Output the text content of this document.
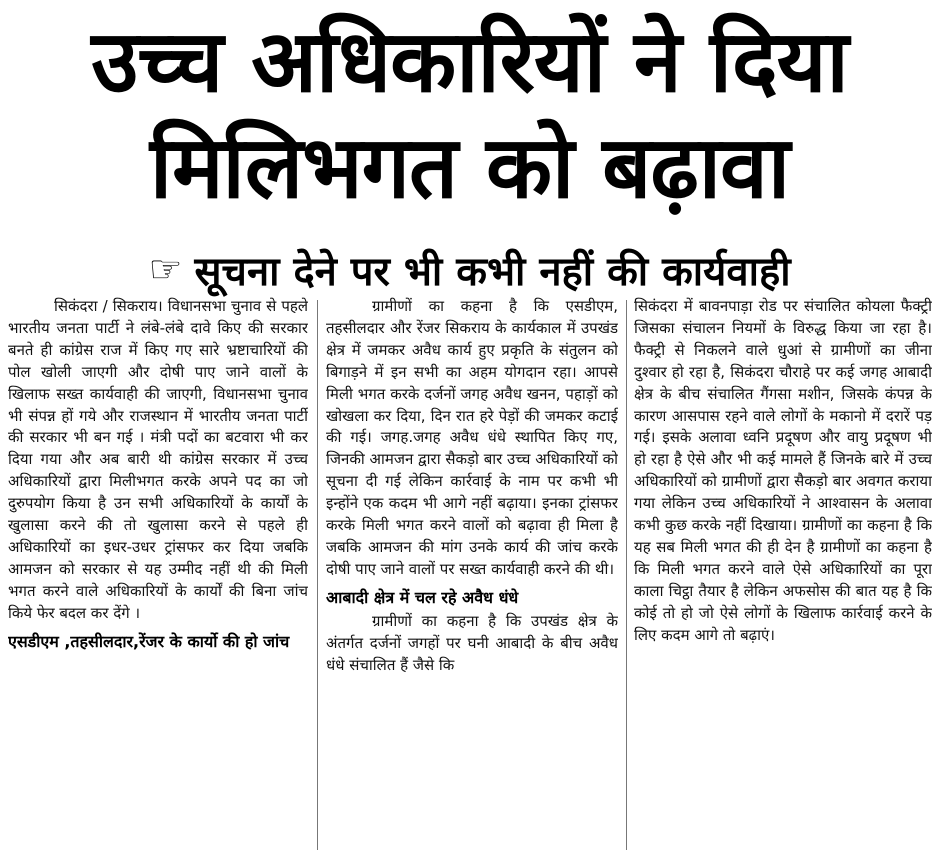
उच्च अधिकारियों ने दिया
मिलिभगत को बढ़ावा
☞ सूचना देने पर भी कभी नहीं की कार्यवाही

सिकंदरा / सिकराय। विधानसभा चुनाव से पहले भारतीय जनता पार्टी ने लंबे-लंबे दावे किए की सरकार बनते ही कांग्रेस राज में किए गए सारे भ्रष्टाचारियों की पोल खोली जाएगी और दोषी पाए जाने वालों के खिलाफ सख्त कार्यवाही की जाएगी, विधानसभा चुनाव भी संपन्न हों गये और राजस्थान में भारतीय जनता पार्टी की सरकार भी बन गई । मंत्री पदों का बटवारा भी कर दिया गया और अब बारी थी कांग्रेस सरकार में उच्च अधिकारियों द्वारा मिलीभगत करके अपने पद का जो दुरुपयोग किया है उन सभी अधिकारियों के कार्यों के खुलासा करने की तो खुलासा करने से पहले ही अधिकारियों का इधर-उधर ट्रांसफर कर दिया जबकि आमजन को सरकार से यह उम्मीद नहीं थी की मिली भगत करने वाले अधिकारियों के कार्यों की बिना जांच किये फेर बदल कर देंगे ।

एसडीएम ,तहसीलदार,रेंजर के कार्यो की हो जांच

ग्रामीणों का कहना है कि एसडीएम, तहसीलदार और रेंजर सिकराय के कार्यकाल में उपखंड क्षेत्र में जमकर अवैध कार्य हुए प्रकृति के संतुलन को बिगाड़ने में इन सभी का अहम योगदान रहा। आपसे मिली भगत करके दर्जनों जगह अवैध खनन, पहाड़ों को खोखला कर दिया, दिन रात हरे पेड़ों की जमकर कटाई की गई। जगह.जगह अवैध धंधे स्थापित किए गए, जिनकी आमजन द्वारा सैकड़ो बार उच्च अधिकारियों को सूचना दी गई लेकिन कार्रवाई के नाम पर कभी भी इन्होंने एक कदम भी आगे नहीं बढ़ाया। इनका ट्रांसफर करके मिली भगत करने वालों को बढ़ावा ही मिला है जबकि आमजन की मांग उनके कार्य की जांच करके दोषी पाए जाने वालों पर सख्त कार्यवाही करने की थी।

आबादी क्षेत्र में चल रहे अवैध धंधे

ग्रामीणों का कहना है कि उपखंड क्षेत्र के अंतर्गत दर्जनों जगहों पर घनी आबादी के बीच अवैध धंधे संचालित हैं जैसे कि

सिकंदरा में बावनपाड़ा रोड पर संचालित कोयला फैक्ट्री जिसका संचालन नियमों के विरुद्ध किया जा रहा है। फैक्ट्री से निकलने वाले धुआं से ग्रामीणों का जीना दुश्वार हो रहा है, सिकंदरा चौराहे पर कई जगह आबादी क्षेत्र के बीच संचालित गैंगसा मशीन, जिसके कंपन्न के कारण आसपास रहने वाले लोगों के मकानो में दरारें पड़ गई। इसके अलावा ध्वनि प्रदूषण और वायु प्रदूषण भी हो रहा है ऐसे और भी कई मामले हैं जिनके बारे में उच्च अधिकारियों को ग्रामीणों द्वारा सैकड़ो बार अवगत कराया गया लेकिन उच्च अधिकारियों ने आश्वासन के अलावा कभी कुछ करके नहीं दिखाया। ग्रामीणों का कहना है कि यह सब मिली भगत की ही देन है ग्रामीणों का कहना है कि मिली भगत करने वाले ऐसे अधिकारियों का पूरा काला चिट्ठा तैयार है लेकिन अफसोस की बात यह है कि कोई तो हो जो ऐसे लोगों के खिलाफ कार्रवाई करने के लिए कदम आगे तो बढ़ाएं।
